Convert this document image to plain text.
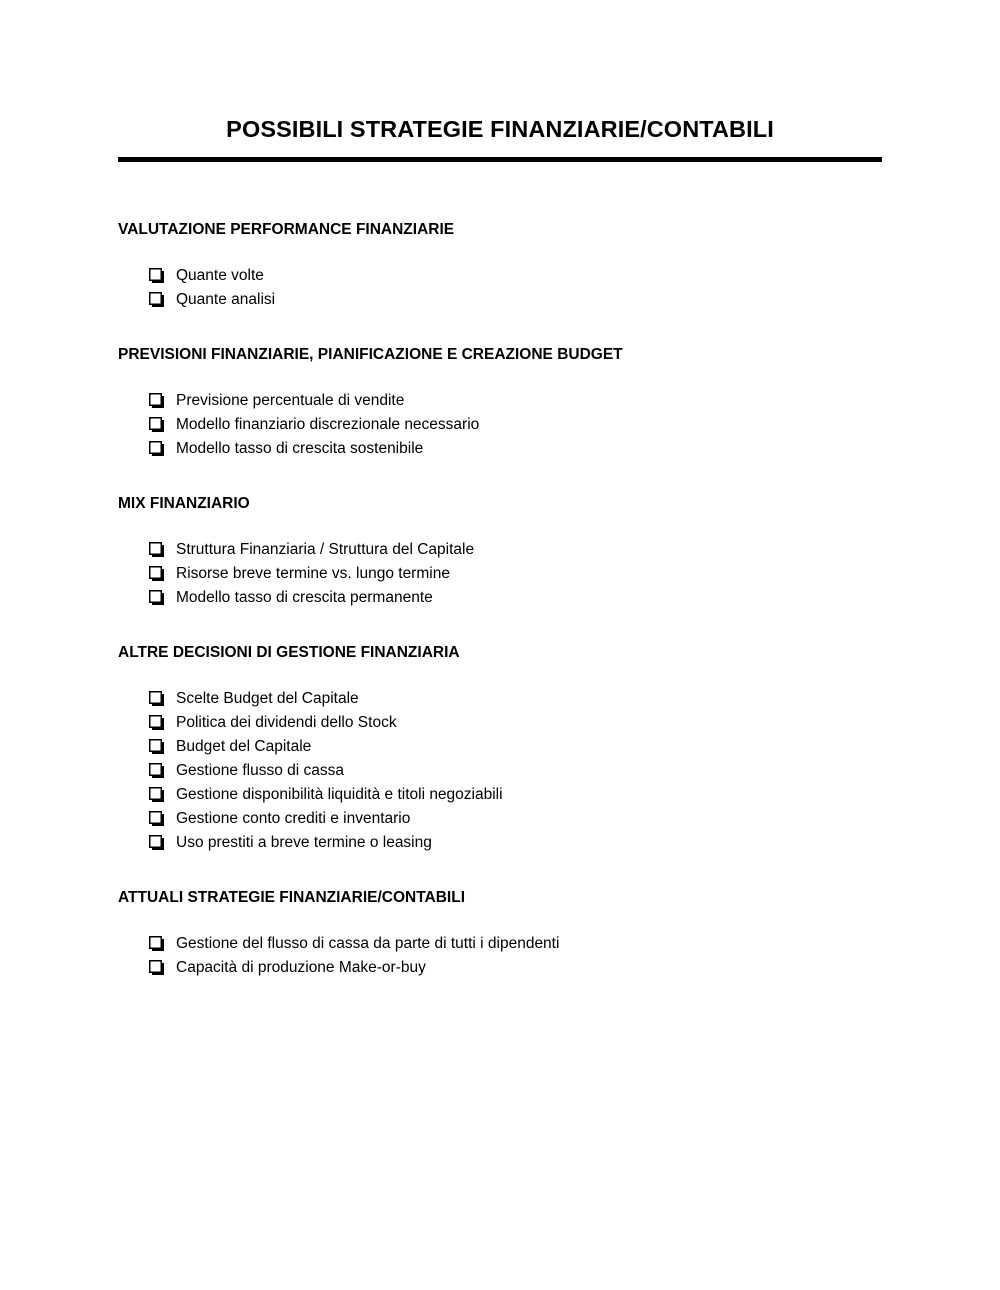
POSSIBILI STRATEGIE FINANZIARIE/CONTABILI
VALUTAZIONE PERFORMANCE FINANZIARIE
Quante volte
Quante analisi
PREVISIONI FINANZIARIE, PIANIFICAZIONE E CREAZIONE BUDGET
Previsione percentuale di vendite
Modello finanziario discrezionale necessario
Modello tasso di crescita sostenibile
MIX FINANZIARIO
Struttura Finanziaria / Struttura del Capitale
Risorse breve termine vs. lungo termine
Modello tasso di crescita permanente
ALTRE DECISIONI DI GESTIONE FINANZIARIA
Scelte Budget del Capitale
Politica dei dividendi dello Stock
Budget del Capitale
Gestione flusso di cassa
Gestione disponibilità liquidità e titoli negoziabili
Gestione conto crediti e inventario
Uso prestiti a breve termine o leasing
ATTUALI STRATEGIE FINANZIARIE/CONTABILI
Gestione del flusso di cassa da parte di tutti i dipendenti
Capacità di produzione Make-or-buy
